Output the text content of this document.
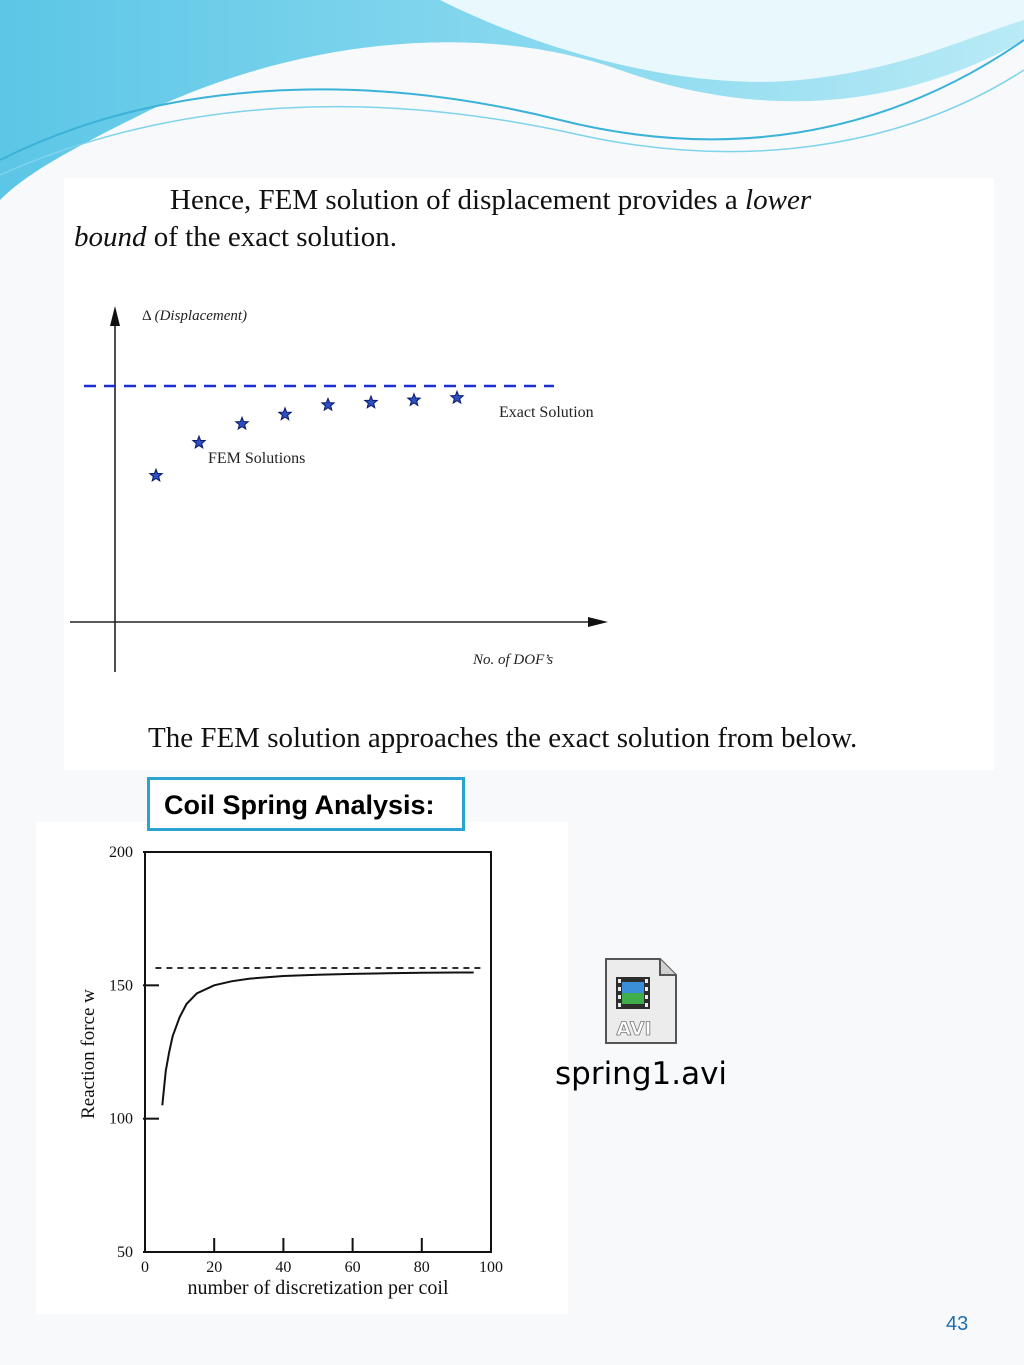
Hence, FEM solution of displacement provides a lower
bound of the exact solution.
Δ (Displacement)
No. of DOF’s
Exact Solution
FEM Solutions
The FEM solution approaches the exact solution from below.
Coil Spring Analysis:
Reaction force w
number of discretization per coil
50
100
150
200
0	20	40	60	80	100
AVI
spring1.avi
43
